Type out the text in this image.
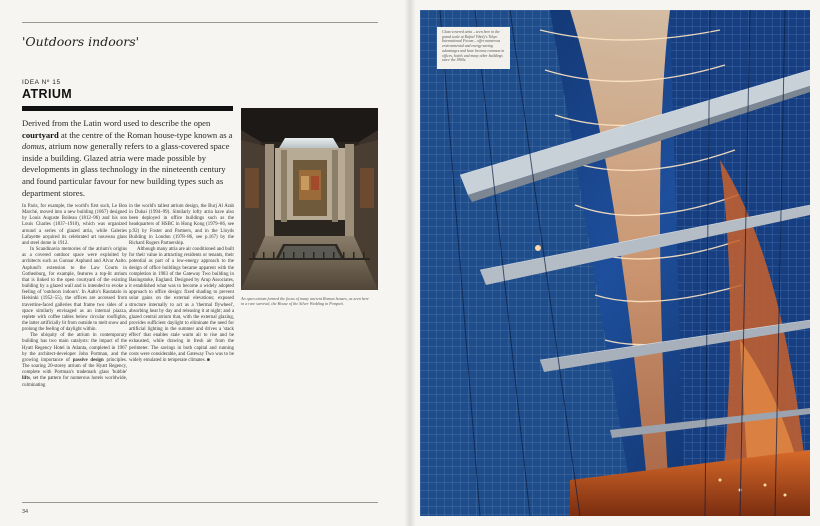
'Outdoors indoors'
IDEA Nº 15
ATRIUM

Derived from the Latin word used to describe the open courtyard at the centre of the Roman house-type known as a domus, atrium now generally refers to a glass-covered space inside a building. Glazed atria were made possible by developments in glass technology in the nineteenth century and found particular favour for new building types such as department stores.

In Paris, for example, the world's first such, Le Bon Marché, moved into a new building (1867) designed by Louis Auguste Boileau (1812–96) and his son Louis Charles (1837–1910), which was organized around a series of glazed atria, while Galeries Lafayette acquired its celebrated art nouveau glass and steel dome in 1912.

In Scandinavia memories of the atrium's origins as a covered outdoor space were exploited by architects such as Gunnar Asplund and Alvar Aalto. Asplund's extension to the Law Courts in Gothenburg, for example, features a top-lit atrium that is linked to the open courtyard of the existing building by a glazed wall and is intended to evoke a feeling of 'outdoors indoors'. In Aalto's Rautatalo in Helsinki (1952–55), the offices are accessed from travertine-faced galleries that frame two sides of a space similarly envisaged as an internal piazza, replete with coffee tables below circular rooflights, the latter artificially lit from outside to melt snow and prolong the feeling of daylight within.

The ubiquity of the atrium in contemporary building has two main catalysts: the impact of the Hyatt Regency Hotel in Atlanta, completed in 1967 by the architect-developer John Portman, and the growing importance of passive design principles. The soaring 20-storey atrium of the Hyatt Regency, complete with Portman's trademark glass 'bubble' lifts, set the pattern for numerous hotels worldwide, culminating

in the world's tallest atrium design, the Burj Al Arab in Dubai (1994–99). Similarly lofty atria have also been deployed in office buildings such as the headquarters of HSBC in Hong Kong (1979–86, see p.92) by Foster and Partners, and in the Lloyds Building in London (1978–86, see p.167) by the Richard Rogers Partnership.

Although many atria are air conditioned and built for their value in attracting residents or tenants, their potential as part of a low-energy approach to the design of office buildings became apparent with the completion in 1983 of the Gateway Two building in Basingstoke, England. Designed by Arup Associates, it established what was to become a widely adopted approach to office design: fixed shading to prevent solar gains on the external elevations; exposed structure internally to act as a 'thermal flywheel', absorbing heat by day and releasing it at night; and a glazed central atrium that, with the external glazing, provides sufficient daylight to eliminate the need for artificial lighting in the summer and drives a 'stack effect' that enables stale warm air to rise and be exhausted, while drawing in fresh air from the perimeter. The savings in both capital and running costs were considerable, and Gateway Two was to be widely emulated in temperate climates. ■

An open atrium formed the focus of many ancient Roman houses, as seen here in a rare survival, the House of the Silver Wedding in Pompeii.
34
Glass-covered atria – seen here in the grand scale at Rafael Viñoly's Tokyo International Forum – offer numerous environmental and energy-saving advantages and have become common in offices, hotels and many other buildings since the 1960s.
